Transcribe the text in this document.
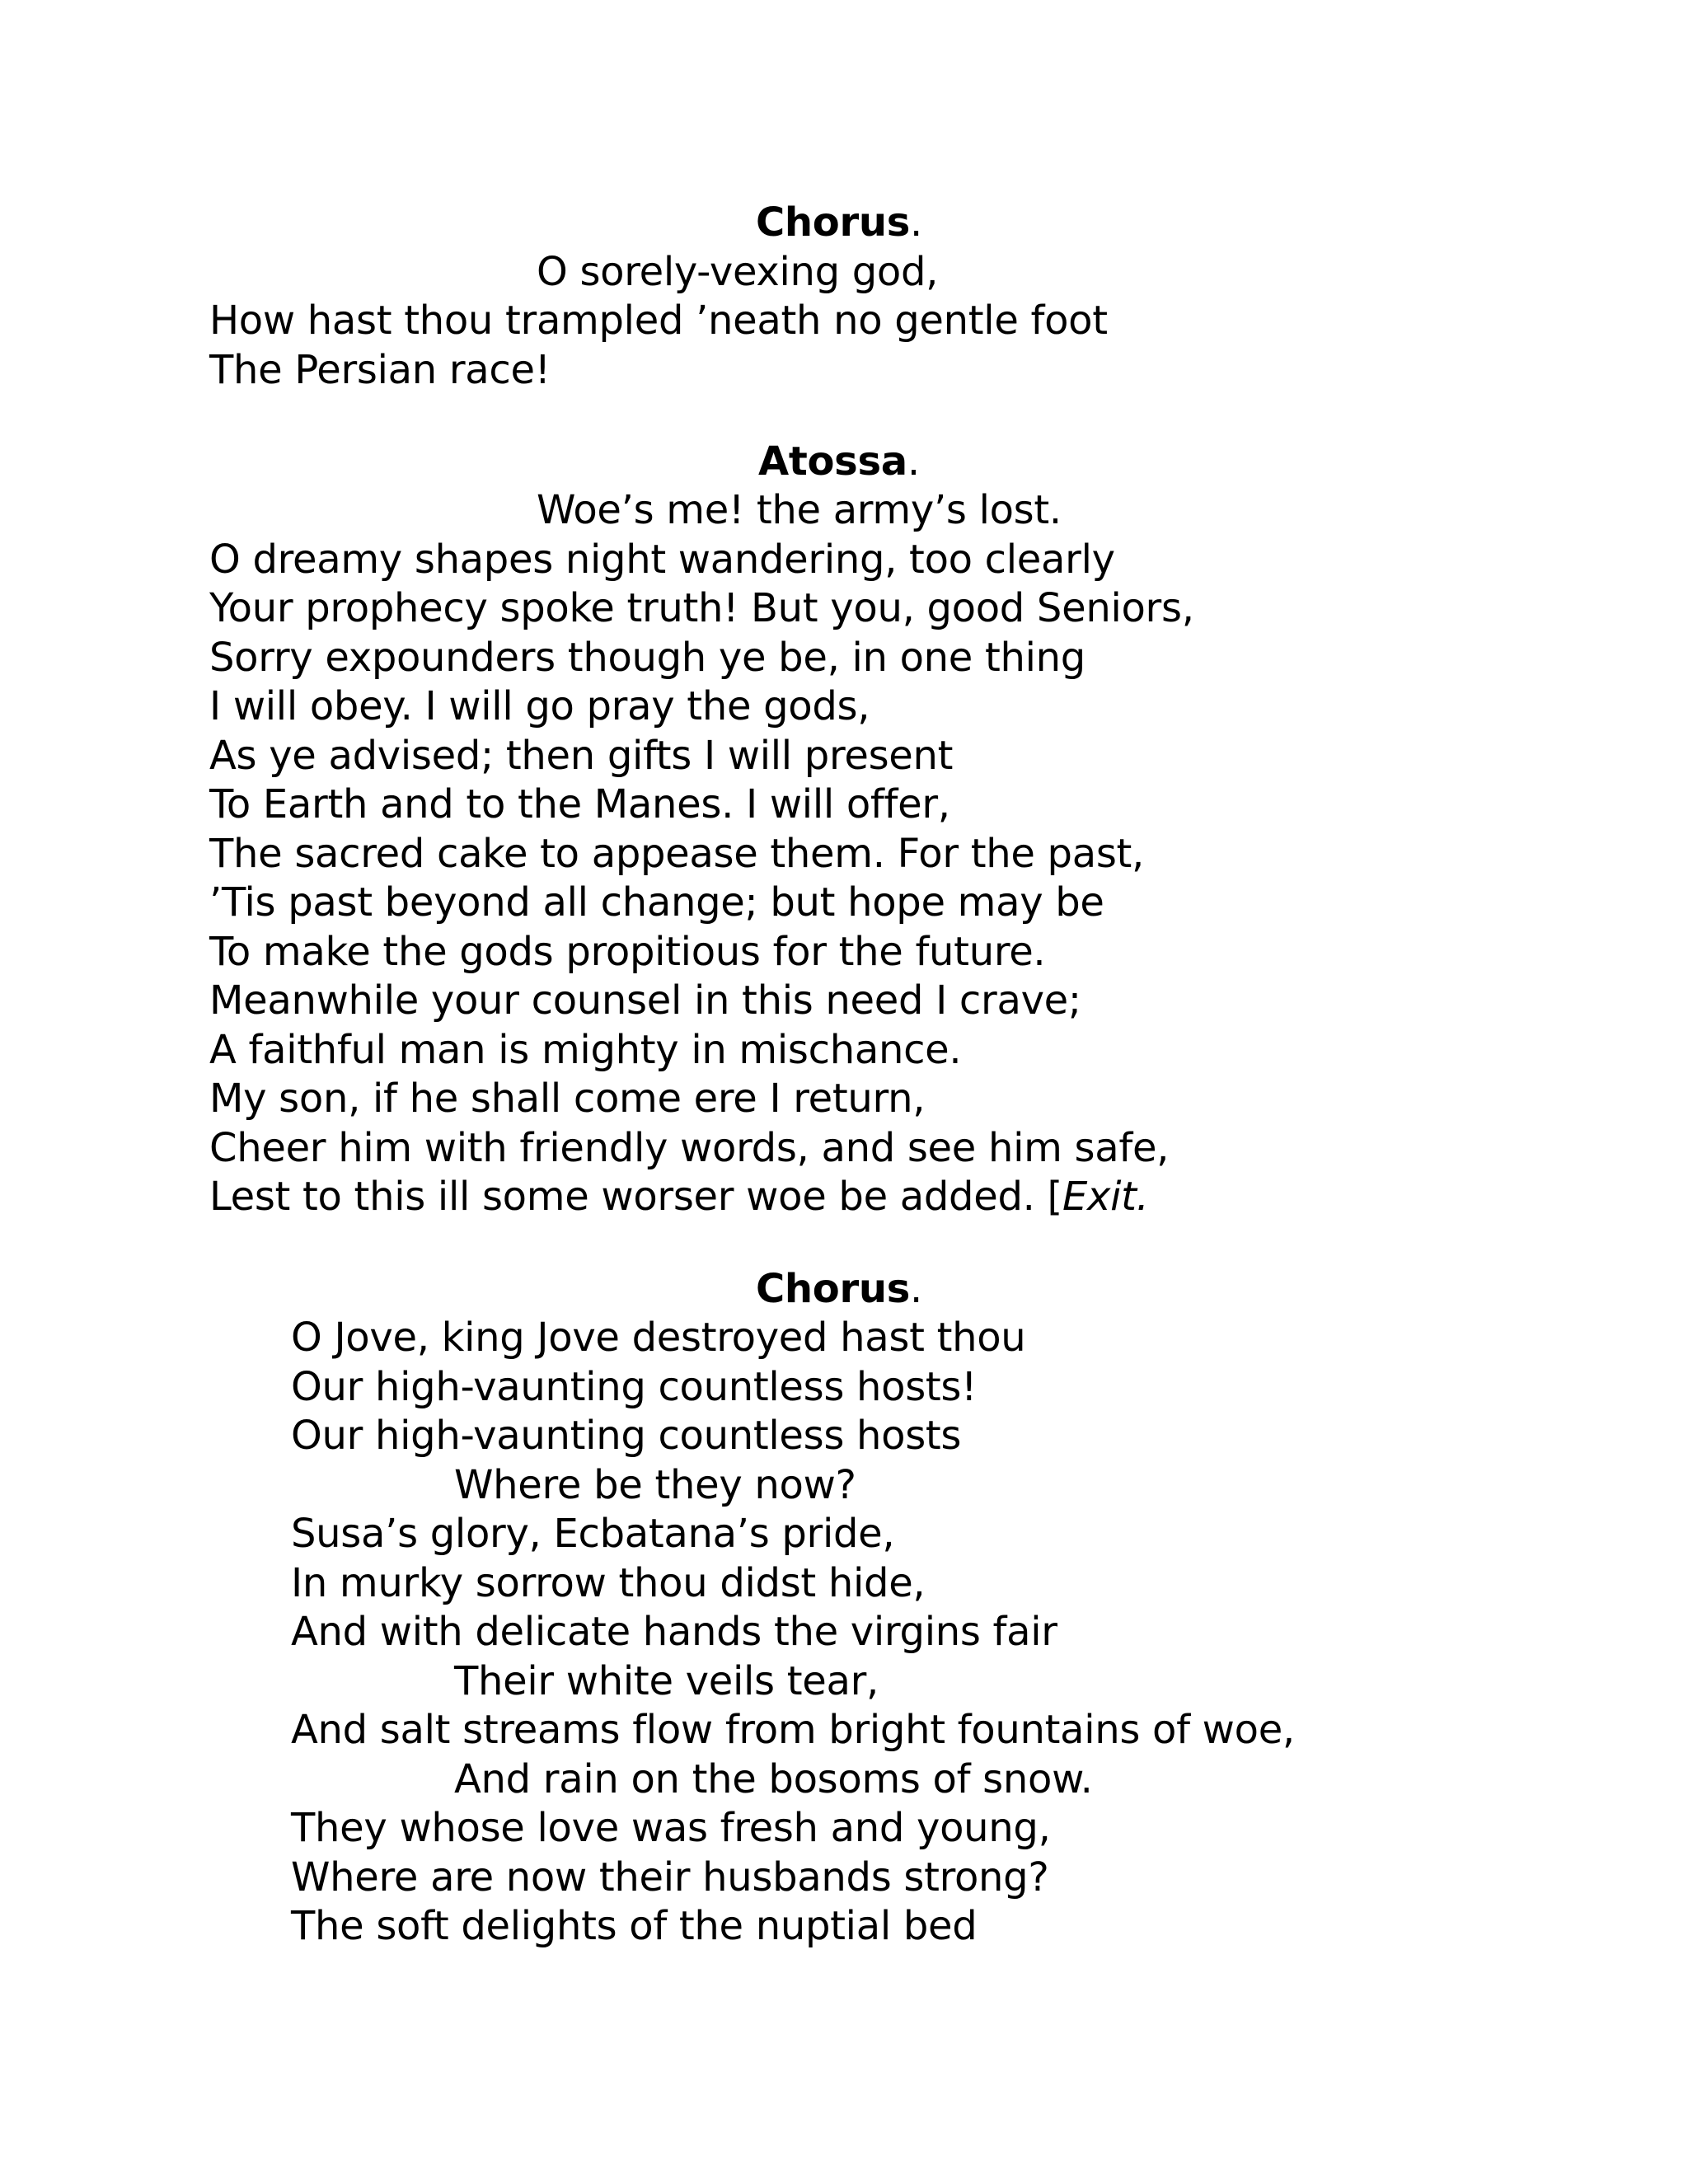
Chorus.
O sorely-vexing god,
How hast thou trampled ’neath no gentle foot
The Persian race!
Atossa.
Woe’s me! the army’s lost.
O dreamy shapes night wandering, too clearly
Your prophecy spoke truth! But you, good Seniors,
Sorry expounders though ye be, in one thing
I will obey. I will go pray the gods,
As ye advised; then gifts I will present
To Earth and to the Manes. I will offer,
The sacred cake to appease them. For the past,
’Tis past beyond all change; but hope may be
To make the gods propitious for the future.
Meanwhile your counsel in this need I crave;
A faithful man is mighty in mischance.
My son, if he shall come ere I return,
Cheer him with friendly words, and see him safe,
Lest to this ill some worser woe be added. [Exit.
Chorus.
O Jove, king Jove destroyed hast thou
Our high-vaunting countless hosts!
Our high-vaunting countless hosts
Where be they now?
Susa’s glory, Ecbatana’s pride,
In murky sorrow thou didst hide,
And with delicate hands the virgins fair
Their white veils tear,
And salt streams flow from bright fountains of woe,
And rain on the bosoms of snow.
They whose love was fresh and young,
Where are now their husbands strong?
The soft delights of the nuptial bed
